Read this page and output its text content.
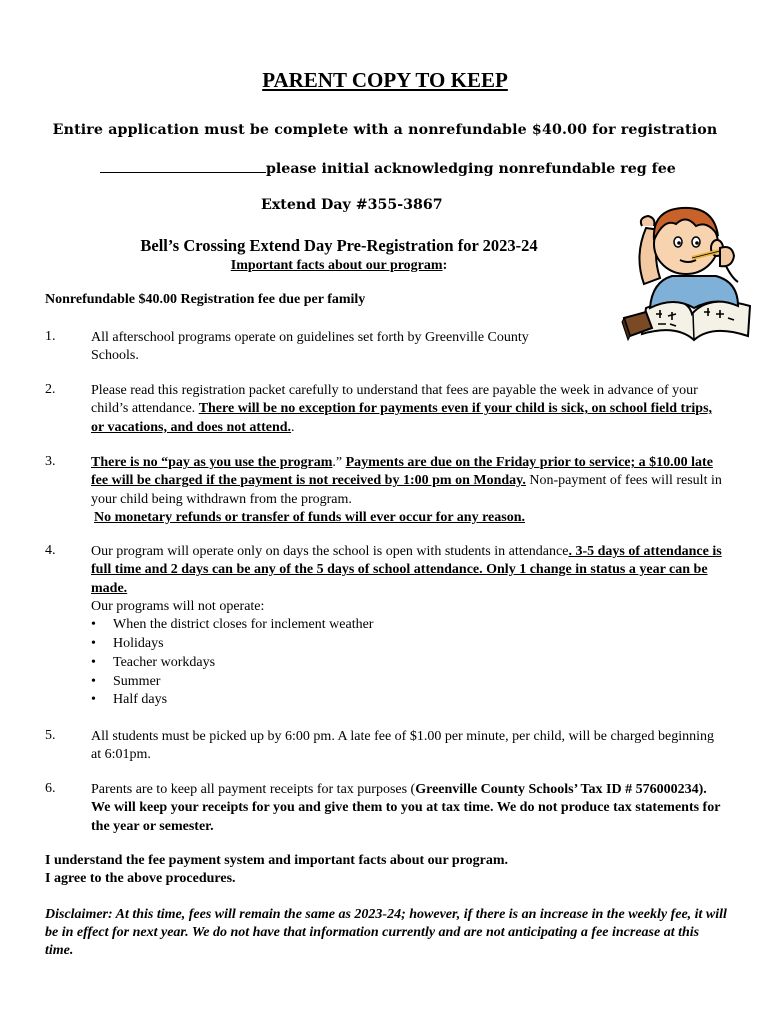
PARENT COPY TO KEEP
Entire application must be complete with a nonrefundable $40.00 for registration
please initial acknowledging nonrefundable reg fee
Extend Day #355-3867
Bell’s Crossing Extend Day Pre-Registration for 2023-24
Important facts about our program:
Nonrefundable $40.00 Registration fee due per family
1.	All afterschool programs operate on guidelines set forth by Greenville County Schools.
2.	Please read this registration packet carefully to understand that fees are payable the week in advance of your child’s attendance. There will be no exception for payments even if your child is sick, on school field trips, or vacations, and does not attend..
3.	There is no “pay as you use the program.” Payments are due on the Friday prior to service; a $10.00 late fee will be charged if the payment is not received by 1:00 pm on Monday. Non-payment of fees will result in your child being withdrawn from the program.
No monetary refunds or transfer of funds will ever occur for any reason.
4.	Our program will operate only on days the school is open with students in attendance. 3-5 days of attendance is full time and 2 days can be any of the 5 days of school attendance. Only 1 change in status a year can be made.
Our programs will not operate:
• When the district closes for inclement weather
• Holidays
• Teacher workdays
• Summer
• Half days
5.	All students must be picked up by 6:00 pm. A late fee of $1.00 per minute, per child, will be charged beginning at 6:01pm.
6.	Parents are to keep all payment receipts for tax purposes (Greenville County Schools’ Tax ID # 576000234). We will keep your receipts for you and give them to you at tax time. We do not produce tax statements for the year or semester.
I understand the fee payment system and important facts about our program.
I agree to the above procedures.
Disclaimer: At this time, fees will remain the same as 2023-24; however, if there is an increase in the weekly fee, it will be in effect for next year. We do not have that information currently and are not anticipating a fee increase at this time.
